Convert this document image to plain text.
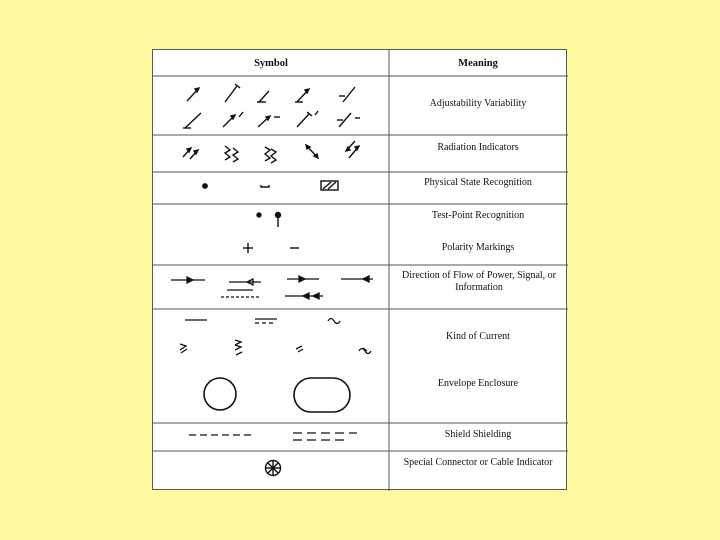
Symbol	Meaning
Adjustability Variability
Radiation Indicators
Physical State Recognition
Test-Point Recognition
Polarity Markings
Direction of Flow of Power, Signal, or Information
Kind of Current
Envelope Enclosure
Shield Shielding
Special Connector or Cable Indicator
